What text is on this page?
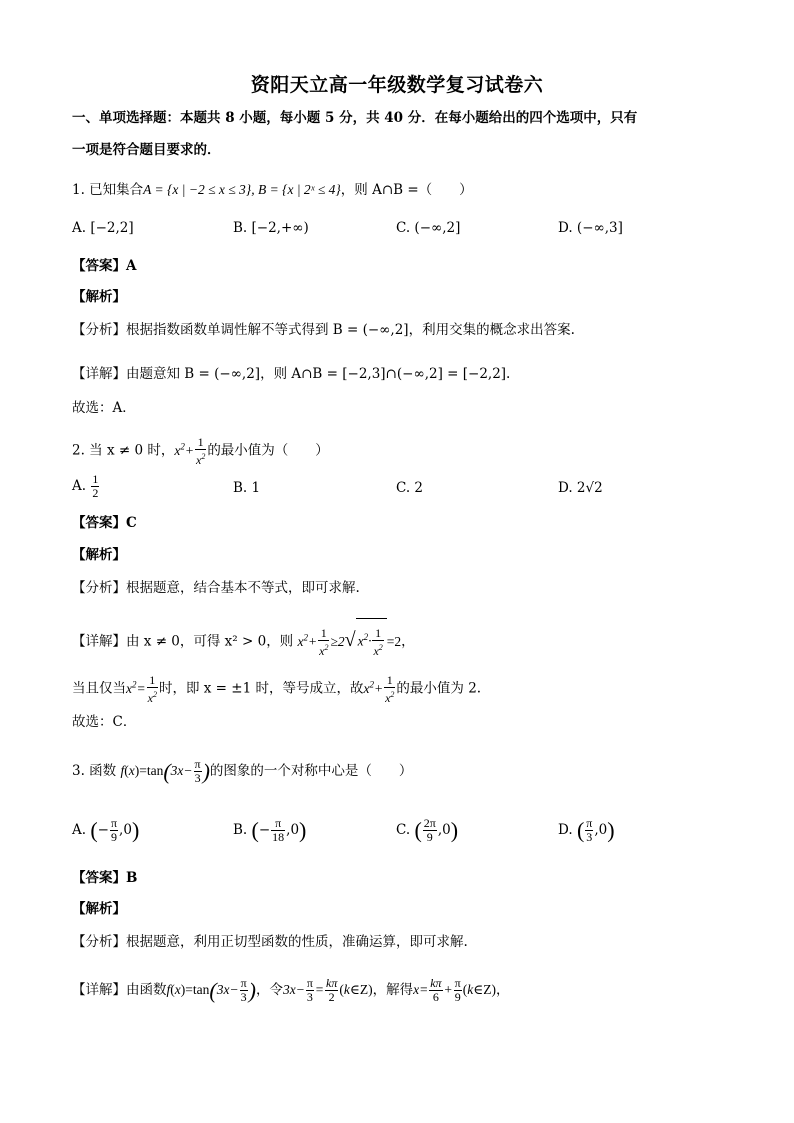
资阳天立高一年级数学复习试卷六
一、单项选择题：本题共 8 小题，每小题 5 分，共 40 分．在每小题给出的四个选项中，只有
一项是符合题目要求的．
1. 已知集合A = {x | −2 ≤ x ≤ 3}, B = {x | 2ˣ ≤ 4}，则 A∩B =（　　）
A. [−2,2]	B. [−2,+∞)	C. (−∞,2]	D. (−∞,3]
【答案】A
【解析】
【分析】根据指数函数单调性解不等式得到 B = (−∞,2]，利用交集的概念求出答案.
【详解】由题意知 B = (−∞,2]，则 A∩B = [−2,3]∩(−∞,2] = [−2,2].
故选：A．
2. 当 x ≠ 0 时，$x^2+ \frac{1}{x^2}$ 的最小值为（　　）
A. $\frac{1}{2}$	B. 1	C. 2	D. 2√2
【答案】C
【解析】
【分析】根据题意，结合基本不等式，即可求解.
【详解】由 x ≠ 0，可得 x² > 0，则 $x^2+ \frac{1}{x^2} \ge 2√$ $x^2\cdot \frac{1}{x^2} =2$，
当且仅当$x^2= \frac{1}{x^2}$ 时，即 x = ±1 时，等号成立，故$x^2+ \frac{1}{x^2}$ 的最小值为 2.
故选：C．
3. 函数 $f(x)=\tan(3x- \frac{\pi}{3}$ )的图象的一个对称中心是（　　）
A. (− $\frac{\pi}{9} ,0$)	B. (− $\frac{\pi}{18} ,0$)	C. ( $\frac{2\pi}{9} ,0$)	D. ( $\frac{\pi}{3} ,0$)
【答案】B
【解析】
【分析】根据题意，利用正切型函数的性质，准确运算，即可求解.
【详解】由函数$f(x)=\tan(3x- \frac{\pi}{3}$ )，令$3x- \frac{\pi}{3} = \frac{k\pi}{2}$ (k∈Z)，解得$x= \frac{k\pi}{6} + \frac{\pi}{9}$ (k∈Z)，
